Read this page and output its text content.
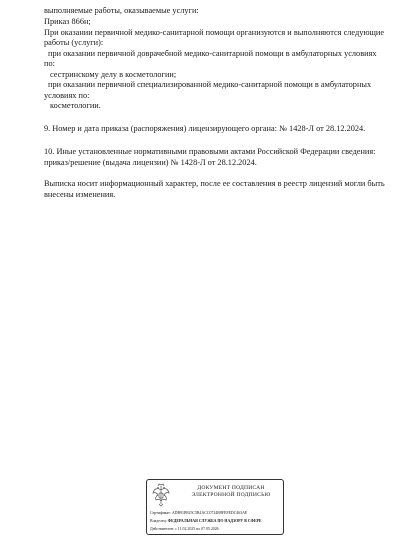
выполняемые работы, оказываемые услуги:
Приказ 866н;
При оказании первичной медико-санитарной помощи организуются и выполняются следующие
работы (услуги):
при оказании первичной доврачебной медико-санитарной помощи в амбулаторных условиях
по:
сестринскому делу в косметологии;
при оказании первичной специализированной медико-санитарной помощи в амбулаторных
условиях по:
косметологии.
9. Номер и дата приказа (распоряжения) лицензирующего органа: № 1428-Л от 28.12.2024.
10. Иные установленные нормативными правовыми актами Российской Федерации сведения:
приказ/решение (выдача лицензии) № 1428-Л от 28.12.2024.
Выписка носит информационный характер, после ее составления в реестр лицензий могли быть
внесены изменения.
ДОКУМЕНТ ПОДПИСАН
ЭЛЕКТРОННОЙ ПОДПИСЬЮ
Сертификат: ADB91B925C5B4ACC0724B8FEFEDC463AE
Владелец: ФЕДЕРАЛЬНАЯ СЛУЖБА ПО НАДЗОРУ В СФЕРЕ
Действителен: с 11.02.2025 по 07.05.2026
